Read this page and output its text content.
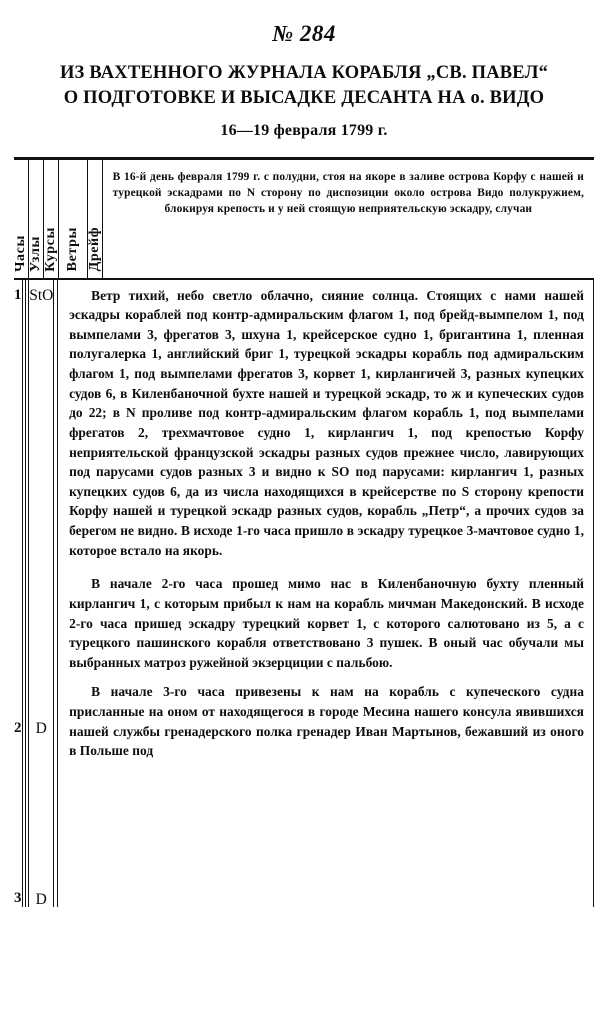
№ 284
ИЗ ВАХТЕННОГО ЖУРНАЛА КОРАБЛЯ „СВ. ПАВЕЛ“
О ПОДГОТОВКЕ И ВЫСАДКЕ ДЕСАНТА НА о. ВИДО
16—19 февраля 1799 г.
Часы Узлы Курсы Ветры Дрейф

В 16-й день февраля 1799 г. с полудни, стоя на якоре в заливе острова Корфу с нашей и турецкой эскадрами по N сторону по диспозиции около острова Видо полукружием, блокируя крепость и у ней стоящую неприятельскую эскадру, случаи

1
2
3
StO
D
D

Ветр тихий, небо светло облачно, сияние солнца. Стоящих с нами нашей эскадры кораблей под контр-адмиральским флагом 1, под брейд-вымпелом 1, под вымпелами 3, фрегатов 3, шхуна 1, крейсерское судно 1, бригантина 1, пленная полугалерка 1, английский бриг 1, турецкой эскадры корабль под адмиральским флагом 1, под вымпелами фрегатов 3, корвет 1, кирлангичей 3, разных купецких судов 6, в Киленбаночной бухте нашей и турецкой эскадр, то ж и купеческих судов до 22; в N проливе под контр-адмиральским флагом корабль 1, под вымпелами фрегатов 2, трехмачтовое судно 1, кирлангич 1, под крепостью Корфу неприятельской французской эскадры разных судов прежнее число, лавирующих под парусами судов разных 3 и видно к SO под парусами: кирлангич 1, разных купецких судов 6, да из числа находящихся в крейсерстве по S сторону крепости Корфу нашей и турецкой эскадр разных судов, корабль „Петр“, а прочих судов за берегом не видно. В исходе 1-го часа пришло в эскадру турецкое 3-мачтовое судно 1, которое встало на якорь.

В начале 2-го часа прошед мимо нас в Киленбаночную бухту пленный кирлангич 1, с которым прибыл к нам на корабль мичман Македонский. В исходе 2-го часа пришед эскадру турецкий корвет 1, с которого салютовано из 5, а с турецкого пашинского корабля ответствовано 3 пушек. В оный час обучали мы выбранных матроз ружейной экзерциции с пальбою.

В начале 3-го часа привезены к нам на корабль с купеческого судна присланные на оном от находящегося в городе Месина нашего консула явившихся нашей службы гренадерского полка гренадер Иван Мартынов, бежавший из оного в Польше под
